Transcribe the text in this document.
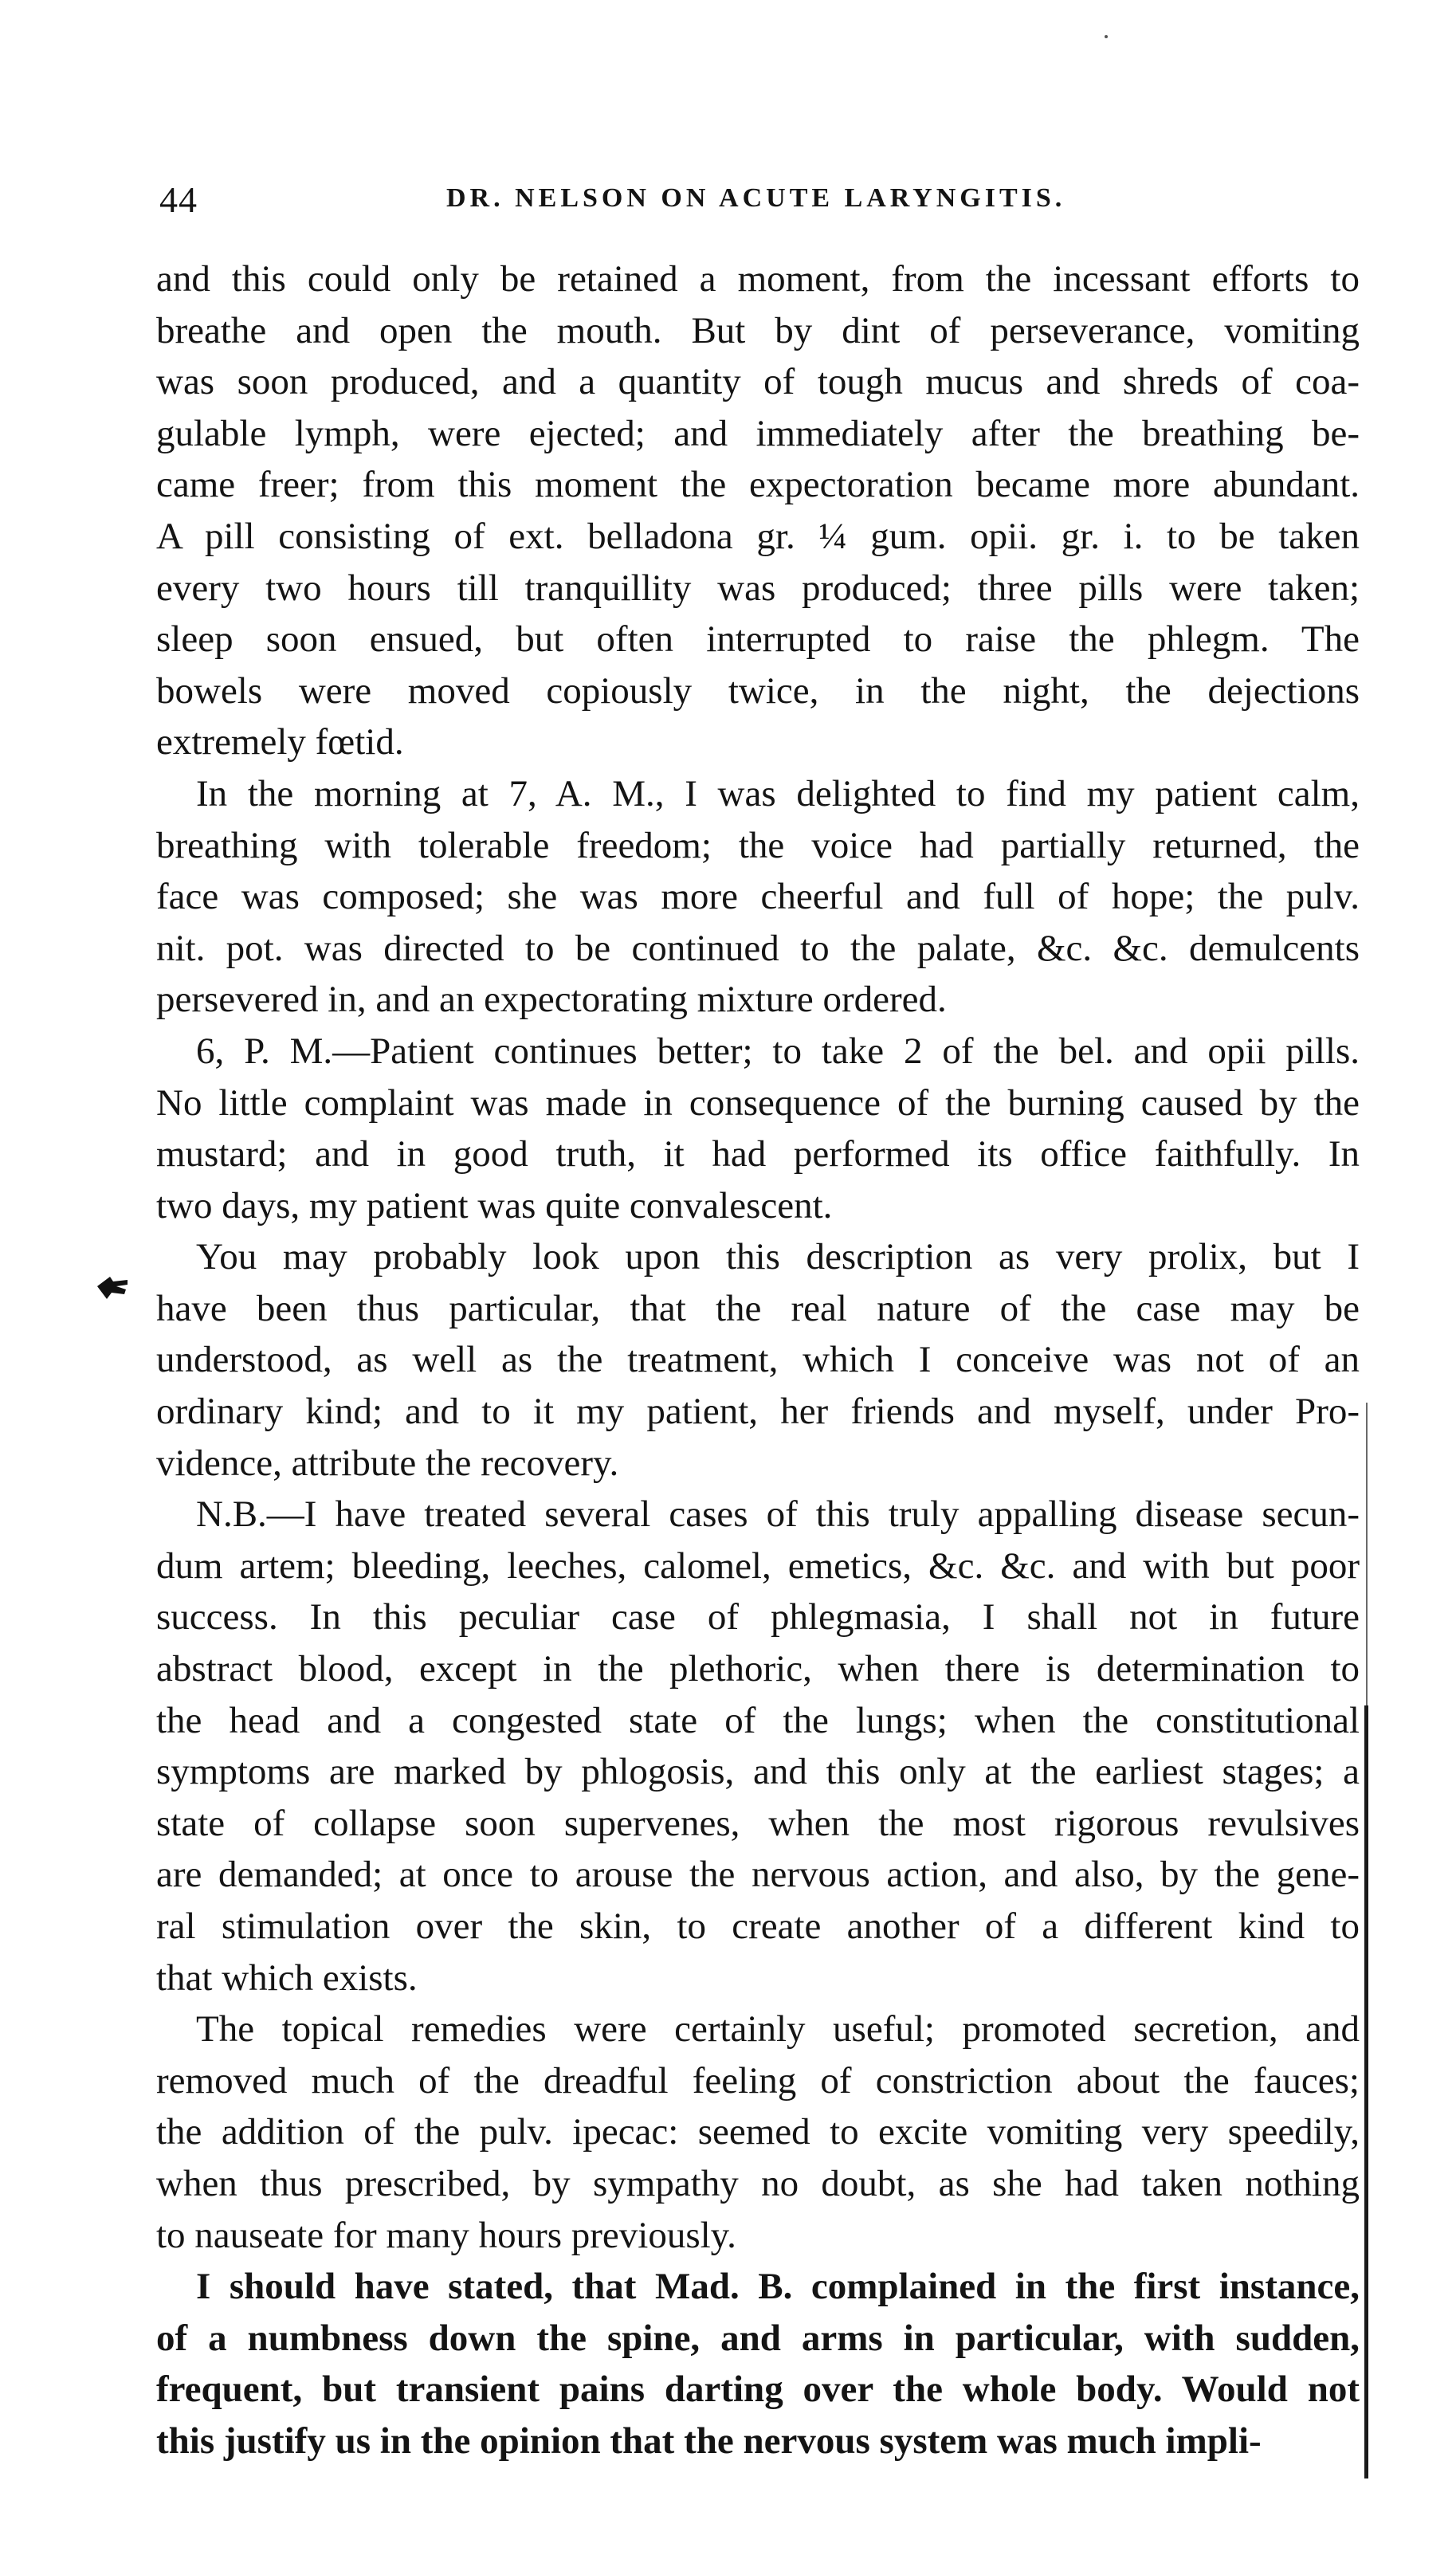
44	DR. NELSON ON ACUTE LARYNGITIS.
and this could only be retained a moment, from the incessant efforts to
breathe and open the mouth. But by dint of perseverance, vomiting
was soon produced, and a quantity of tough mucus and shreds of coa-
gulable lymph, were ejected; and immediately after the breathing be-
came freer; from this moment the expectoration became more abundant.
A pill consisting of ext. belladona gr. ¼ gum. opii. gr. i. to be taken
every two hours till tranquillity was produced; three pills were taken;
sleep soon ensued, but often interrupted to raise the phlegm. The
bowels were moved copiously twice, in the night, the dejections
extremely fœtid.
In the morning at 7, A. M., I was delighted to find my patient calm,
breathing with tolerable freedom; the voice had partially returned, the
face was composed; she was more cheerful and full of hope; the pulv.
nit. pot. was directed to be continued to the palate, &c. &c. demulcents
persevered in, and an expectorating mixture ordered.
6, P. M.—Patient continues better; to take 2 of the bel. and opii pills.
No little complaint was made in consequence of the burning caused by the
mustard; and in good truth, it had performed its office faithfully. In
two days, my patient was quite convalescent.
You may probably look upon this description as very prolix, but I
have been thus particular, that the real nature of the case may be
understood, as well as the treatment, which I conceive was not of an
ordinary kind; and to it my patient, her friends and myself, under Pro-
vidence, attribute the recovery.
N.B.—I have treated several cases of this truly appalling disease secun-
dum artem; bleeding, leeches, calomel, emetics, &c. &c. and with but poor
success. In this peculiar case of phlegmasia, I shall not in future
abstract blood, except in the plethoric, when there is determination to
the head and a congested state of the lungs; when the constitutional
symptoms are marked by phlogosis, and this only at the earliest stages; a
state of collapse soon supervenes, when the most rigorous revulsives
are demanded; at once to arouse the nervous action, and also, by the gene-
ral stimulation over the skin, to create another of a different kind to
that which exists.
The topical remedies were certainly useful; promoted secretion, and
removed much of the dreadful feeling of constriction about the fauces;
the addition of the pulv. ipecac: seemed to excite vomiting very speedily,
when thus prescribed, by sympathy no doubt, as she had taken nothing
to nauseate for many hours previously.
I should have stated, that Mad. B. complained in the first instance,
of a numbness down the spine, and arms in particular, with sudden,
frequent, but transient pains darting over the whole body. Would not
this justify us in the opinion that the nervous system was much impli-
